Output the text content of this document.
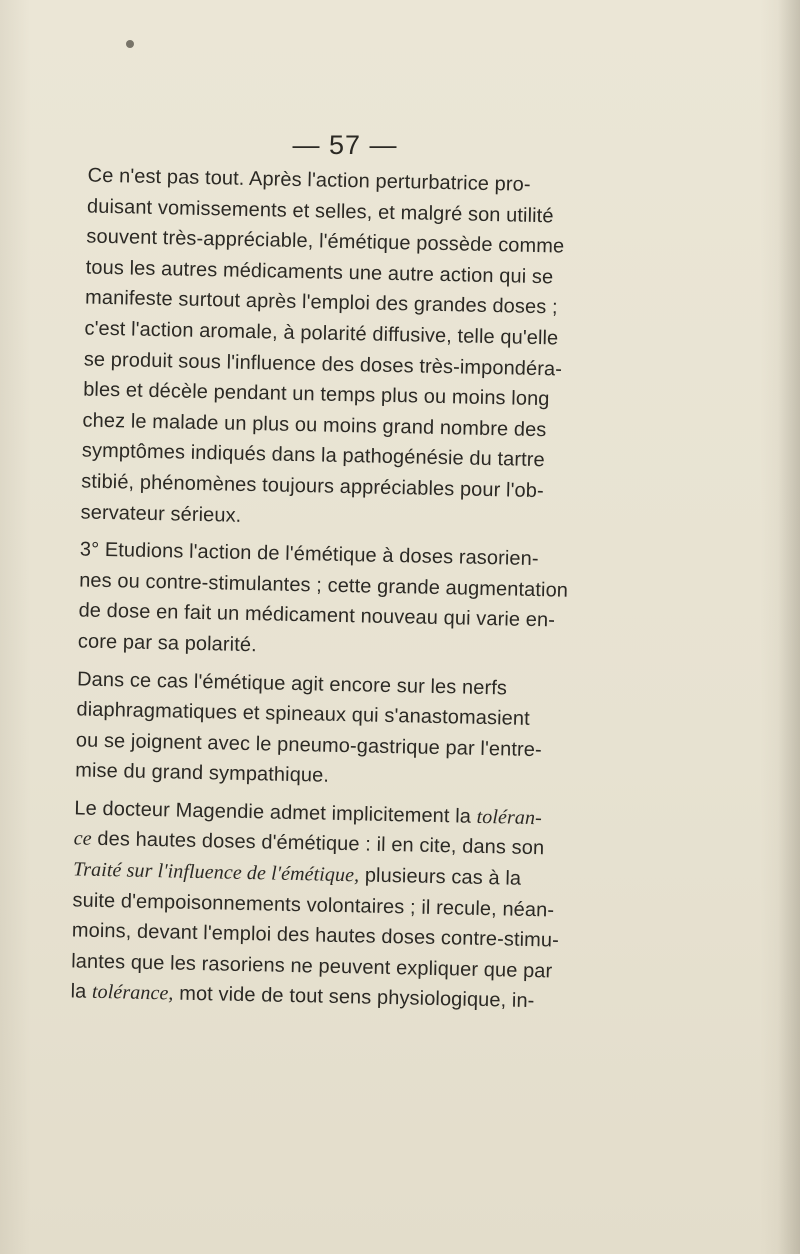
— 57 —

Ce n'est pas tout. Après l'action perturbatrice pro-
duisant vomissements et selles, et malgré son utilité
souvent très-appréciable, l'émétique possède comme
tous les autres médicaments une autre action qui se
manifeste surtout après l'emploi des grandes doses ;
c'est l'action aromale, à polarité diffusive, telle qu'elle
se produit sous l'influence des doses très-impondéra-
bles et décèle pendant un temps plus ou moins long
chez le malade un plus ou moins grand nombre des
symptômes indiqués dans la pathogénésie du tartre
stibié, phénomènes toujours appréciables pour l'ob-
servateur sérieux.

3° Etudions l'action de l'émétique à doses rasorien-
nes ou contre-stimulantes ; cette grande augmentation
de dose en fait un médicament nouveau qui varie en-
core par sa polarité.

Dans ce cas l'émétique agit encore sur les nerfs
diaphragmatiques et spineaux qui s'anastomasient
ou se joignent avec le pneumo-gastrique par l'entre-
mise du grand sympathique.

Le docteur Magendie admet implicitement la toléran-
ce des hautes doses d'émétique : il en cite, dans son
Traité sur l'influence de l'émétique, plusieurs cas à la
suite d'empoisonnements volontaires ; il recule, néan-
moins, devant l'emploi des hautes doses contre-stimu-
lantes que les rasoriens ne peuvent expliquer que par
la tolérance, mot vide de tout sens physiologique, in-
